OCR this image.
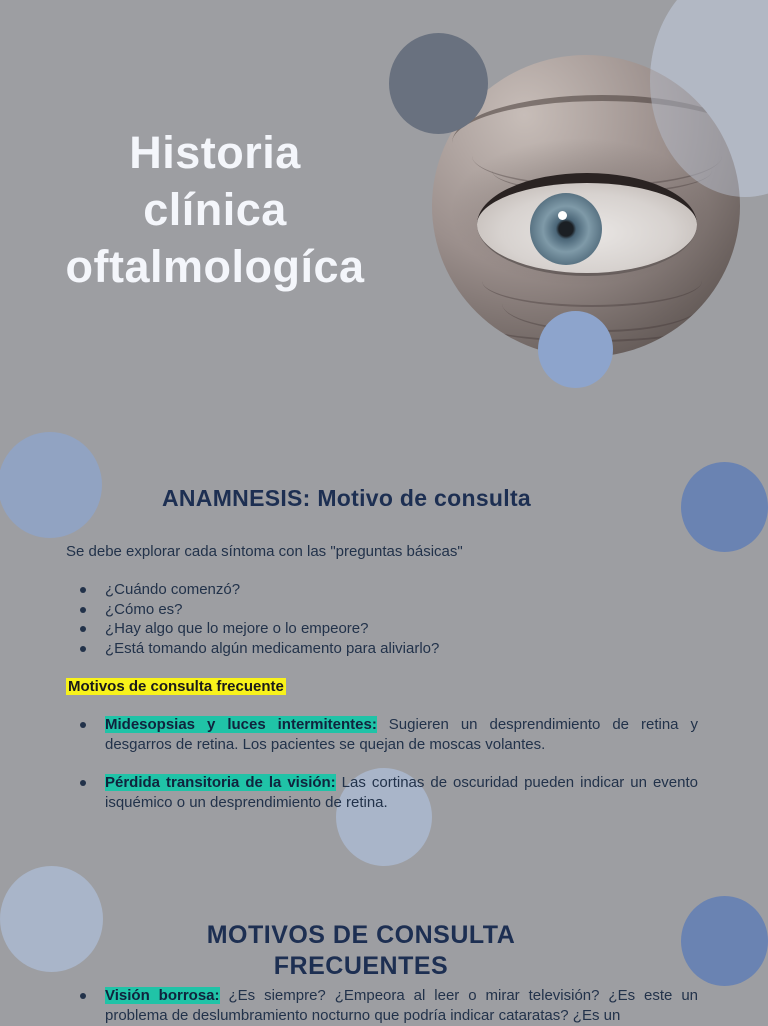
Historia
clínica
oftalmologíca
ANAMNESIS: Motivo de consulta

Se debe explorar cada síntoma con las "preguntas básicas"

¿Cuándo comenzó?
¿Cómo es?
¿Hay algo que lo mejore o lo empeore?
¿Está tomando algún medicamento para aliviarlo?

Motivos de consulta frecuente

Midesopsias y luces intermitentes: Sugieren un desprendimiento de retina y desgarros de retina. Los pacientes se quejan de moscas volantes.
Pérdida transitoria de la visión: Las cortinas de oscuridad pueden indicar un evento isquémico o un desprendimiento de retina.
MOTIVOS DE CONSULTA
FRECUENTES
Visión borrosa: ¿Es siempre? ¿Empeora al leer o mirar televisión? ¿Es este un problema de deslumbramiento nocturno que podría indicar cataratas? ¿Es un
